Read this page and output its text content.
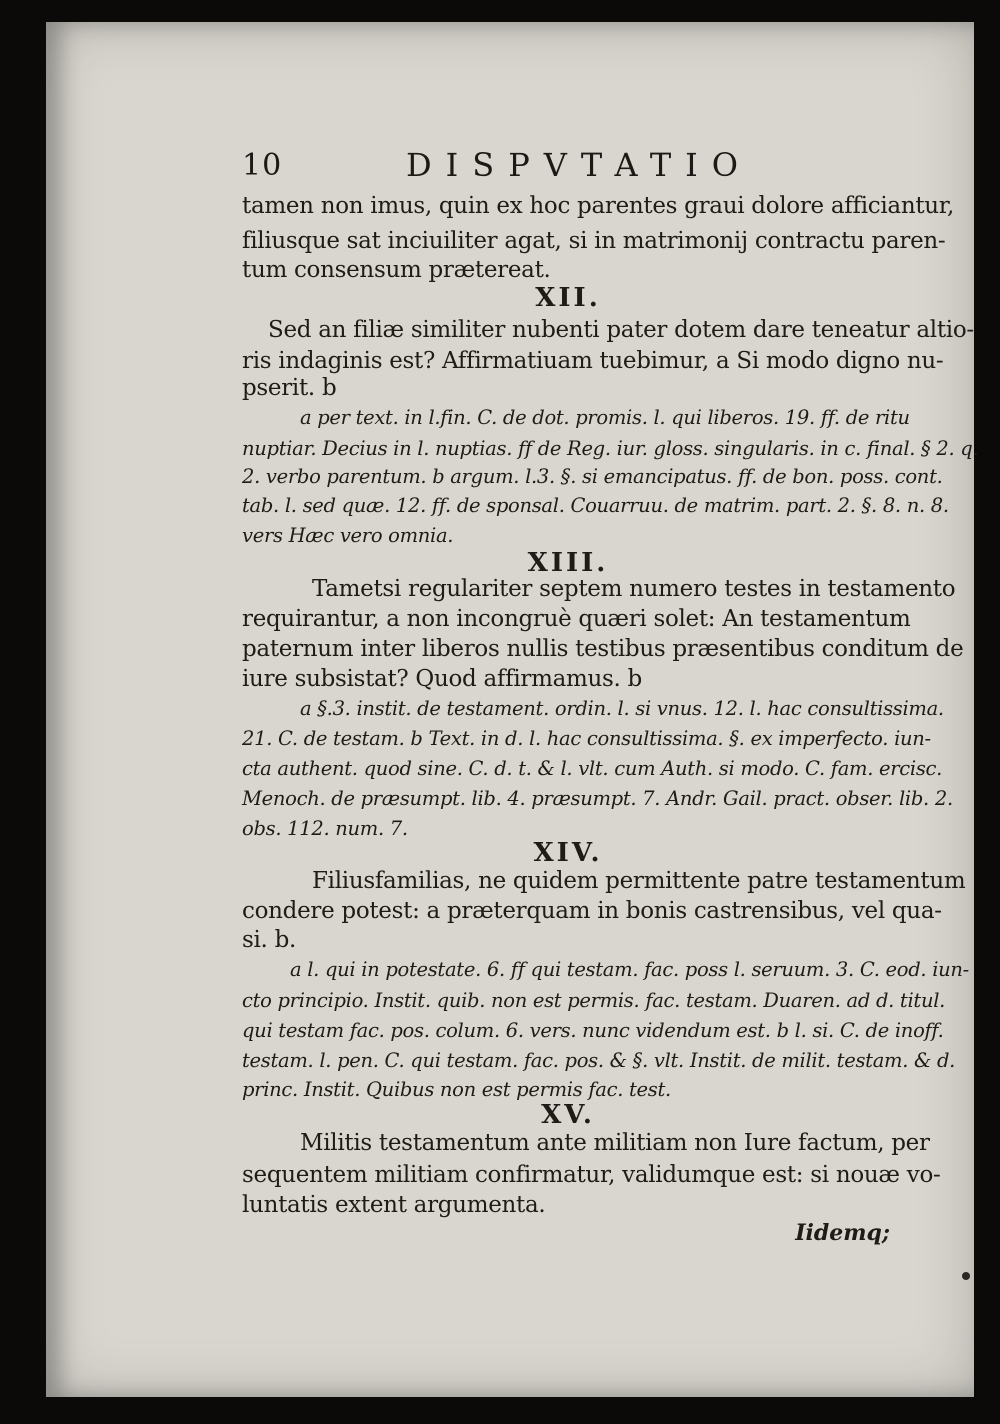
10	DISPVTATIO
tamen non imus, quin ex hoc parentes graui dolore afficiantur,
filiusque sat inciuiliter agat, si in matrimonij contractu paren-
tum consensum prætereat.
XII.
Sed an filiæ similiter nubenti pater dotem dare teneatur altio-
ris indaginis est? Affirmatiuam tuebimur, a Si modo digno nu-
pserit. b
a per text. in l.fin. C. de dot. promis. l. qui liberos. 19. ff. de ritu
nuptiar. Decius in l. nuptias. ff de Reg. iur. gloss. singularis. in c. final. § 2. q.
2. verbo parentum. b argum. l.3. §. si emancipatus. ff. de bon. poss. cont.
tab. l. sed quæ. 12. ff. de sponsal. Couarruu. de matrim. part. 2. §. 8. n. 8.
vers Hæc vero omnia.
XIII.
Tametsi regulariter septem numero testes in testamento
requirantur, a non incongruè quæri solet: An testamentum
paternum inter liberos nullis testibus præsentibus conditum de
iure subsistat? Quod affirmamus. b
a §.3. instit. de testament. ordin. l. si vnus. 12. l. hac consultissima.
21. C. de testam. b Text. in d. l. hac consultissima. §. ex imperfecto. iun-
cta authent. quod sine. C. d. t. & l. vlt. cum Auth. si modo. C. fam. ercisc.
Menoch. de præsumpt. lib. 4. præsumpt. 7. Andr. Gail. pract. obser. lib. 2.
obs. 112. num. 7.
XIV.
Filiusfamilias, ne quidem permittente patre testamentum
condere potest: a præterquam in bonis castrensibus, vel qua-
si. b.
a l. qui in potestate. 6. ff qui testam. fac. poss l. seruum. 3. C. eod. iun-
cto principio. Instit. quib. non est permis. fac. testam. Duaren. ad d. titul.
qui testam fac. pos. colum. 6. vers. nunc videndum est. b l. si. C. de inoff.
testam. l. pen. C. qui testam. fac. pos. & §. vlt. Instit. de milit. testam. & d.
princ. Instit. Quibus non est permis fac. test.
XV.
Militis testamentum ante militiam non Iure factum, per
sequentem militiam confirmatur, validumque est: si nouæ vo-
luntatis extent argumenta.
Iidemq;
